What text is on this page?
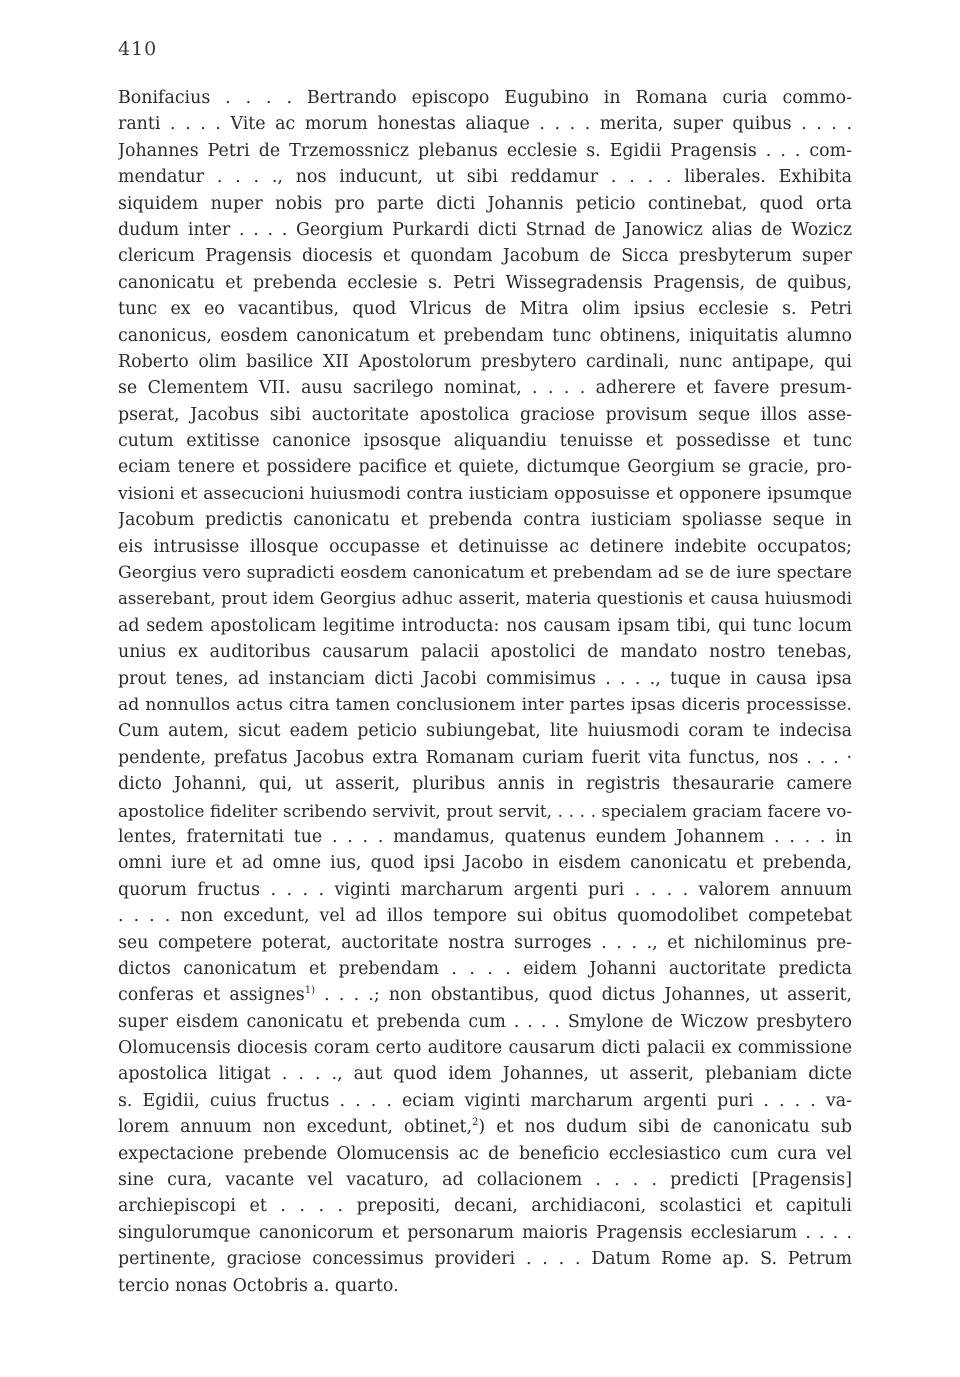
410
Bonifacius . . . . Bertrando episcopo Eugubino in Romana curia commo-
ranti . . . . Vite ac morum honestas aliaque . . . . merita, super quibus . . . .
Johannes Petri de Trzemossnicz plebanus ecclesie s. Egidii Pragensis . . . com-
mendatur . . . ., nos inducunt, ut sibi reddamur . . . . liberales. Exhibita
siquidem nuper nobis pro parte dicti Johannis peticio continebat, quod orta
dudum inter . . . . Georgium Purkardi dicti Strnad de Janowicz alias de Wozicz
clericum Pragensis diocesis et quondam Jacobum de Sicca presbyterum super
canonicatu et prebenda ecclesie s. Petri Wissegradensis Pragensis, de quibus,
tunc ex eo vacantibus, quod Vlricus de Mitra olim ipsius ecclesie s. Petri
canonicus, eosdem canonicatum et prebendam tunc obtinens, iniquitatis alumno
Roberto olim basilice XII Apostolorum presbytero cardinali, nunc antipape, qui
se Clementem VII. ausu sacrilego nominat, . . . . adherere et favere presum-
pserat, Jacobus sibi auctoritate apostolica graciose provisum seque illos asse-
cutum extitisse canonice ipsosque aliquandiu tenuisse et possedisse et tunc
eciam tenere et possidere pacifice et quiete, dictumque Georgium se gracie, pro-
visioni et assecucioni huiusmodi contra iusticiam opposuisse et opponere ipsumque
Jacobum predictis canonicatu et prebenda contra iusticiam spoliasse seque in
eis intrusisse illosque occupasse et detinuisse ac detinere indebite occupatos;
Georgius vero supradicti eosdem canonicatum et prebendam ad se de iure spectare
asserebant, prout idem Georgius adhuc asserit, materia questionis et causa huiusmodi
ad sedem apostolicam legitime introducta: nos causam ipsam tibi, qui tunc locum
unius ex auditoribus causarum palacii apostolici de mandato nostro tenebas,
prout tenes, ad instanciam dicti Jacobi commisimus . . . ., tuque in causa ipsa
ad nonnullos actus citra tamen conclusionem inter partes ipsas diceris processisse.
Cum autem, sicut eadem peticio subiungebat, lite huiusmodi coram te indecisa
pendente, prefatus Jacobus extra Romanam curiam fuerit vita functus, nos . . . ·
dicto Johanni, qui, ut asserit, pluribus annis in registris thesaurarie camere
apostolice fideliter scribendo servivit, prout servit, . . . . specialem graciam facere vo-
lentes, fraternitati tue . . . . mandamus, quatenus eundem Johannem . . . . in
omni iure et ad omne ius, quod ipsi Jacobo in eisdem canonicatu et prebenda,
quorum fructus . . . . viginti marcharum argenti puri . . . . valorem annuum
. . . . non excedunt, vel ad illos tempore sui obitus quomodolibet competebat
seu competere poterat, auctoritate nostra surroges . . . ., et nichilominus pre-
dictos canonicatum et prebendam . . . . eidem Johanni auctoritate predicta
conferas et assignes$^{1)}$ . . . .; non obstantibus, quod dictus Johannes, ut asserit,
super eisdem canonicatu et prebenda cum . . . . Smylone de Wiczow presbytero
Olomucensis diocesis coram certo auditore causarum dicti palacii ex commissione
apostolica litigat . . . ., aut quod idem Johannes, ut asserit, plebaniam dicte
s. Egidii, cuius fructus . . . . eciam viginti marcharum argenti puri . . . . va-
lorem annuum non excedunt, obtinet,$^2$) et nos dudum sibi de canonicatu sub
expectacione prebende Olomucensis ac de beneficio ecclesiastico cum cura vel
sine cura, vacante vel vacaturo, ad collacionem . . . . predicti [Pragensis]
archiepiscopi et . . . . prepositi, decani, archidiaconi, scolastici et capituli
singulorumque canonicorum et personarum maioris Pragensis ecclesiarum . . . .
pertinente, graciose concessimus provideri . . . . Datum Rome ap. S. Petrum
tercio nonas Octobris a. quarto.
